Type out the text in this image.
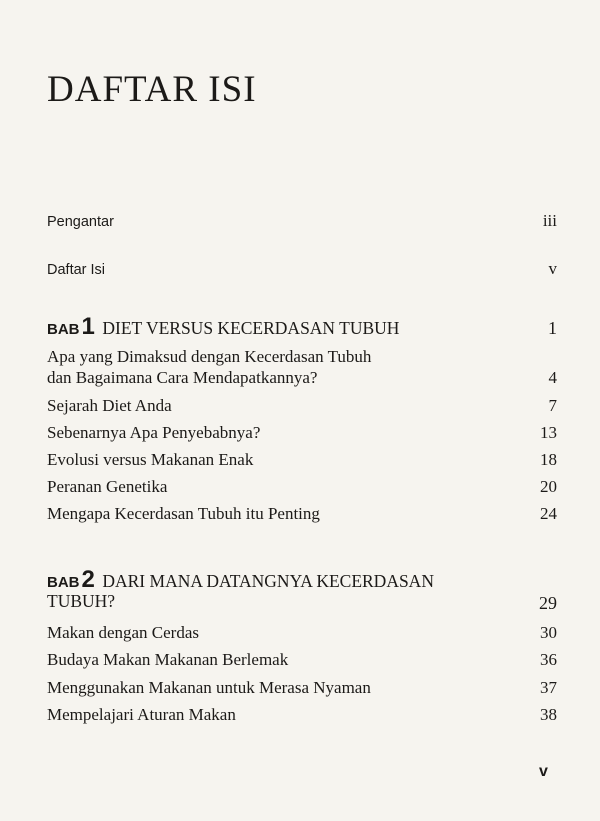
DAFTAR ISI
Pengantar	iii
Daftar Isi	v
BAB1 DIET VERSUS KECERDASAN TUBUH	1
Apa yang Dimaksud dengan Kecerdasan Tubuh
dan Bagaimana Cara Mendapatkannya?	4
Sejarah Diet Anda	7
Sebenarnya Apa Penyebabnya?	13
Evolusi versus Makanan Enak	18
Peranan Genetika	20
Mengapa Kecerdasan Tubuh itu Penting	24
BAB2 DARI MANA DATANGNYA KECERDASAN
TUBUH?	29
Makan dengan Cerdas	30
Budaya Makan Makanan Berlemak	36
Menggunakan Makanan untuk Merasa Nyaman	37
Mempelajari Aturan Makan	38
v
